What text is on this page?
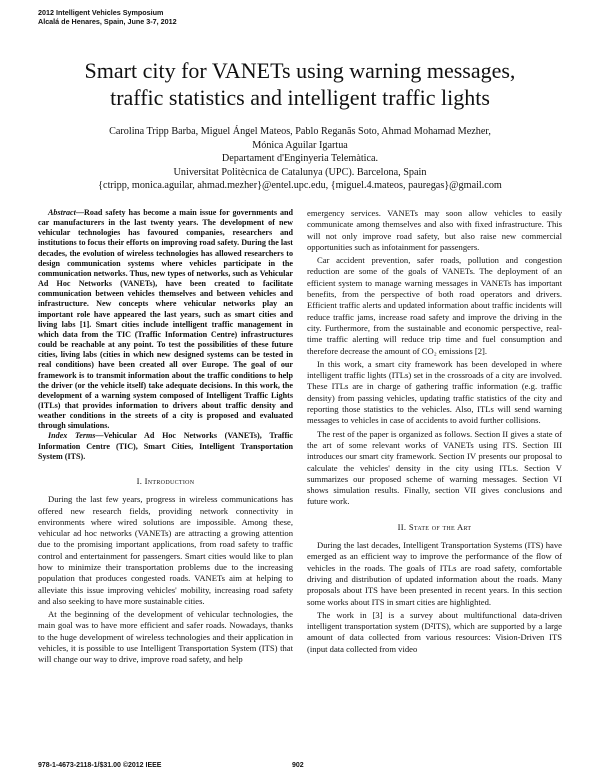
2012 Intelligent Vehicles Symposium
Alcalá de Henares, Spain, June 3-7, 2012
Smart city for VANETs using warning messages,
traffic statistics and intelligent traffic lights
Carolina Tripp Barba, Miguel Ángel Mateos, Pablo Reganãs Soto, Ahmad Mohamad Mezher,
Mónica Aguilar Igartua
Departament d'Enginyeria Telemàtica.
Universitat Politècnica de Catalunya (UPC). Barcelona, Spain
{ctripp, monica.aguilar, ahmad.mezher}@entel.upc.edu, {miguel.4.mateos, pauregas}@gmail.com

Abstract—Road safety has become a main issue for governments and car manufacturers in the last twenty years. The development of new vehicular technologies has favoured companies, researchers and institutions to focus their efforts on improving road safety. During the last decades, the evolution of wireless technologies has allowed researchers to design communication systems where vehicles participate in the communication networks. Thus, new types of networks, such as Vehicular Ad Hoc Networks (VANETs), have been created to facilitate communication between vehicles themselves and between vehicles and infrastructure. New concepts where vehicular networks play an important role have appeared the last years, such as smart cities and living labs [1]. Smart cities include intelligent traffic management in which data from the TIC (Traffic Information Centre) infrastructures could be reachable at any point. To test the possibilities of these future cities, living labs (cities in which new designed systems can be tested in real conditions) have been created all over Europe. The goal of our framework is to transmit information about the traffic conditions to help the driver (or the vehicle itself) take adequate decisions. In this work, the development of a warning system composed of Intelligent Traffic Lights (ITLs) that provides information to drivers about traffic density and weather conditions in the streets of a city is proposed and evaluated through simulations.

Index Terms—Vehicular Ad Hoc Networks (VANETs), Traffic Information Centre (TIC), Smart Cities, Intelligent Transportation System (ITS).

I. Introduction

During the last few years, progress in wireless communications has offered new research fields, providing network connectivity in environments where wired solutions are impossible. Among these, vehicular ad hoc networks (VANETs) are attracting a growing attention due to the promising important applications, from road safety to traffic control and entertainment for passengers. Smart cities would like to plan how to minimize their transportation problems due to the increasing population that produces congested roads. VANETs aim at helping to alleviate this issue improving vehicles' mobility, increasing road safety and also seeking to have more sustainable cities.

At the beginning of the development of vehicular technologies, the main goal was to have more efficient and safer roads. Nowadays, thanks to the huge development of wireless technologies and their application in vehicles, it is possible to use Intelligent Transportation System (ITS) that will change our way to drive, improve road safety, and help

emergency services. VANETs may soon allow vehicles to easily communicate among themselves and also with fixed infrastructure. This will not only improve road safety, but also raise new commercial opportunities such as infotainment for passengers.

Car accident prevention, safer roads, pollution and congestion reduction are some of the goals of VANETs. The deployment of an efficient system to manage warning messages in VANETs has important benefits, from the perspective of both road operators and drivers. Efficient traffic alerts and updated information about traffic incidents will reduce traffic jams, increase road safety and improve the driving in the city. Furthermore, from the sustainable and economic perspective, real-time traffic alerting will reduce trip time and fuel consumption and therefore decrease the amount of CO₂ emissions [2].

In this work, a smart city framework has been developed in where intelligent traffic lights (ITLs) set in the crossroads of a city are involved. These ITLs are in charge of gathering traffic information (e.g. traffic density) from passing vehicles, updating traffic statistics of the city and reporting those statistics to the vehicles. Also, ITLs will send warning messages to vehicles in case of accidents to avoid further collisions.

The rest of the paper is organized as follows. Section II gives a state of the art of some relevant works of VANETs using ITS. Section III introduces our smart city framework. Section IV presents our proposal to calculate the vehicles' density in the city using ITLs. Section V summarizes our proposed scheme of warning messages. Section VI shows simulation results. Finally, section VII gives conclusions and future work.

II. State of the Art

During the last decades, Intelligent Transportation Systems (ITS) have emerged as an efficient way to improve the performance of the flow of vehicles in the roads. The goals of ITLs are road safety, comfortable driving and distribution of updated information about the roads. Many proposals about ITS have been presented in recent years. In this section some works about ITS in smart cities are highlighted.

The work in [3] is a survey about multifunctional data-driven intelligent transportation system (D²ITS), which are supported by a large amount of data collected from various resources: Vision-Driven ITS (input data collected from video

978-1-4673-2118-1/$31.00 ©2012 IEEE	902
